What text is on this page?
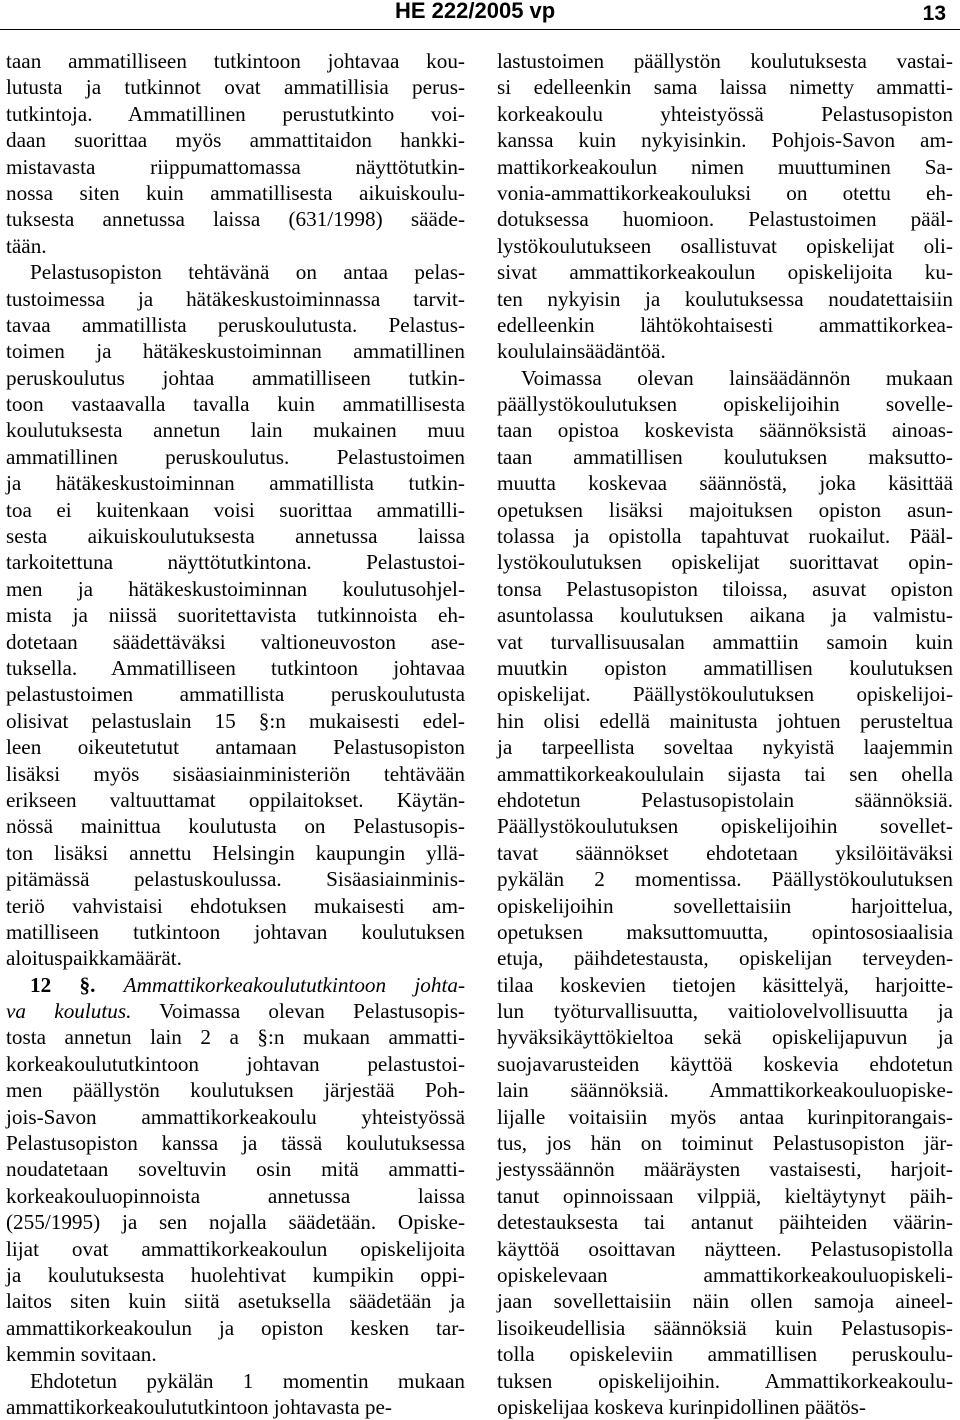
HE 222/2005 vp	13
taan ammatilliseen tutkintoon johtavaa kou-
lutusta ja tutkinnot ovat ammatillisia perus-
tutkintoja. Ammatillinen perustutkinto voi-
daan suorittaa myös ammattitaidon hankki-
mistavasta riippumattomassa näyttötutkin-
nossa siten kuin ammatillisesta aikuiskoulu-
tuksesta annetussa laissa (631/1998) sääde-
tään.
Pelastusopiston tehtävänä on antaa pelas-
tustoimessa ja hätäkeskustoiminnassa tarvit-
tavaa ammatillista peruskoulutusta. Pelastus-
toimen ja hätäkeskustoiminnan ammatillinen
peruskoulutus johtaa ammatilliseen tutkin-
toon vastaavalla tavalla kuin ammatillisesta
koulutuksesta annetun lain mukainen muu
ammatillinen peruskoulutus. Pelastustoimen
ja hätäkeskustoiminnan ammatillista tutkin-
toa ei kuitenkaan voisi suorittaa ammatilli-
sesta aikuiskoulutuksesta annetussa laissa
tarkoitettuna näyttötutkintona. Pelastustoi-
men ja hätäkeskustoiminnan koulutusohjel-
mista ja niissä suoritettavista tutkinnoista eh-
dotetaan säädettäväksi valtioneuvoston ase-
tuksella. Ammatilliseen tutkintoon johtavaa
pelastustoimen ammatillista peruskoulutusta
olisivat pelastuslain 15 §:n mukaisesti edel-
leen oikeutetutut antamaan Pelastusopiston
lisäksi myös sisäasiainministeriön tehtävään
erikseen valtuuttamat oppilaitokset. Käytän-
nössä mainittua koulutusta on Pelastusopis-
ton lisäksi annettu Helsingin kaupungin yllä-
pitämässä pelastuskoulussa. Sisäasiainminis-
teriö vahvistaisi ehdotuksen mukaisesti am-
matilliseen tutkintoon johtavan koulutuksen
aloituspaikkamäärät.
12 §. Ammattikorkeakoulututkintoon johta-
va koulutus. Voimassa olevan Pelastusopis-
tosta annetun lain 2 a §:n mukaan ammatti-
korkeakoulututkintoon johtavan pelastustoi-
men päällystön koulutuksen järjestää Poh-
jois-Savon ammattikorkeakoulu yhteistyössä
Pelastusopiston kanssa ja tässä koulutuksessa
noudatetaan soveltuvin osin mitä ammatti-
korkeakouluopinnoista annetussa laissa
(255/1995) ja sen nojalla säädetään. Opiske-
lijat ovat ammattikorkeakoulun opiskelijoita
ja koulutuksesta huolehtivat kumpikin oppi-
laitos siten kuin siitä asetuksella säädetään ja
ammattikorkeakoulun ja opiston kesken tar-
kemmin sovitaan.
Ehdotetun pykälän 1 momentin mukaan
ammattikorkeakoulututkintoon johtavasta pe-
lastustoimen päällystön koulutuksesta vastai-
si edelleenkin sama laissa nimetty ammatti-
korkeakoulu yhteistyössä Pelastusopiston
kanssa kuin nykyisinkin. Pohjois-Savon am-
mattikorkeakoulun nimen muuttuminen Sa-
vonia-ammattikorkeakouluksi on otettu eh-
dotuksessa huomioon. Pelastustoimen pääl-
lystökoulutukseen osallistuvat opiskelijat oli-
sivat ammattikorkeakoulun opiskelijoita ku-
ten nykyisin ja koulutuksessa noudatettaisiin
edelleenkin lähtökohtaisesti ammattikorkea-
koululainsäädäntöä.
Voimassa olevan lainsäädännön mukaan
päällystökoulutuksen opiskelijoihin sovelle-
taan opistoa koskevista säännöksistä ainoas-
taan ammatillisen koulutuksen maksutto-
muutta koskevaa säännöstä, joka käsittää
opetuksen lisäksi majoituksen opiston asun-
tolassa ja opistolla tapahtuvat ruokailut. Pääl-
lystökoulutuksen opiskelijat suorittavat opin-
tonsa Pelastusopiston tiloissa, asuvat opiston
asuntolassa koulutuksen aikana ja valmistu-
vat turvallisuusalan ammattiin samoin kuin
muutkin opiston ammatillisen koulutuksen
opiskelijat. Päällystökoulutuksen opiskelijoi-
hin olisi edellä mainitusta johtuen perusteltua
ja tarpeellista soveltaa nykyistä laajemmin
ammattikorkeakoululain sijasta tai sen ohella
ehdotetun Pelastusopistolain säännöksiä.
Päällystökoulutuksen opiskelijoihin sovellet-
tavat säännökset ehdotetaan yksilöitäväksi
pykälän 2 momentissa. Päällystökoulutuksen
opiskelijoihin sovellettaisiin harjoittelua,
opetuksen maksuttomuutta, opintososiaalisia
etuja, päihdetestausta, opiskelijan terveyden-
tilaa koskevien tietojen käsittelyä, harjoitte-
lun työturvallisuutta, vaitiolovelvollisuutta ja
hyväksikäyttökieltoa sekä opiskelijapuvun ja
suojavarusteiden käyttöä koskevia ehdotetun
lain säännöksiä. Ammattikorkeakouluopiske-
lijalle voitaisiin myös antaa kurinpitorangais-
tus, jos hän on toiminut Pelastusopiston jär-
jestyssäännön määräysten vastaisesti, harjoit-
tanut opinnoissaan vilppiä, kieltäytynyt päih-
detestauksesta tai antanut päihteiden väärin-
käyttöä osoittavan näytteen. Pelastusopistolla
opiskelevaan ammattikorkeakouluopiskeli-
jaan sovellettaisiin näin ollen samoja aineel-
lisoikeudellisia säännöksiä kuin Pelastusopis-
tolla opiskeleviin ammatillisen peruskoulu-
tuksen opiskelijoihin. Ammattikorkeakoulu-
opiskelijaa koskeva kurinpidollinen päätös-
